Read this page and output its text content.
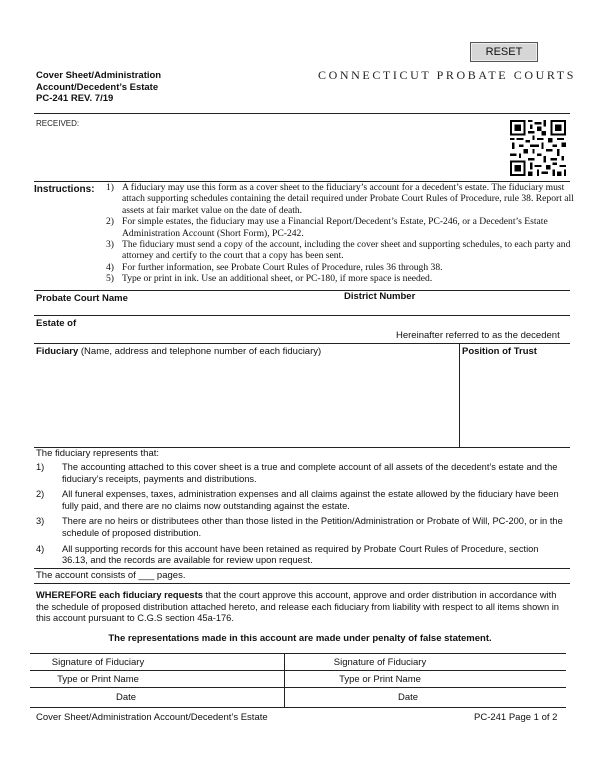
RESET
Cover Sheet/Administration
Account/Decedent’s Estate
PC-241 REV. 7/19
CONNECTICUT PROBATE COURTS
RECEIVED:
Instructions:	1) A fiduciary may use this form as a cover sheet to the fiduciary’s account for a decedent’s estate. The fiduciary must attach supporting schedules containing the detail required under Probate Court Rules of Procedure, rule 38. Report all assets at fair market value on the date of death.
2) For simple estates, the fiduciary may use a Financial Report/Decedent’s Estate, PC-246, or a Decedent’s Estate Administration Account (Short Form), PC-242.
3) The fiduciary must send a copy of the account, including the cover sheet and supporting schedules, to each party and attorney and certify to the court that a copy has been sent.
4) For further information, see Probate Court Rules of Procedure, rules 36 through 38.
5) Type or print in ink. Use an additional sheet, or PC-180, if more space is needed.
Probate Court Name	District Number
Estate of
Hereinafter referred to as the decedent
Fiduciary (Name, address and telephone number of each fiduciary)	Position of Trust
The fiduciary represents that:
1)	The accounting attached to this cover sheet is a true and complete account of all assets of the decedent’s estate and the fiduciary’s receipts, payments and distributions.
2)	All funeral expenses, taxes, administration expenses and all claims against the estate allowed by the fiduciary have been fully paid, and there are no claims now outstanding against the estate.
3)	There are no heirs or distributees other than those listed in the Petition/Administration or Probate of Will, PC-200, or in the schedule of proposed distribution.
4)	All supporting records for this account have been retained as required by Probate Court Rules of Procedure, section 36.13, and the records are available for review upon request.
The account consists of ___ pages.
WHEREFORE each fiduciary requests that the court approve this account, approve and order distribution in accordance with the schedule of proposed distribution attached hereto, and release each fiduciary from liability with respect to all items shown in this account pursuant to C.G.S section 45a-176.
The representations made in this account are made under penalty of false statement.
Signature of Fiduciary	Signature of Fiduciary
Type or Print Name	Type or Print Name
Date	Date
Cover Sheet/Administration Account/Decedent’s Estate	PC-241 Page 1 of 2
